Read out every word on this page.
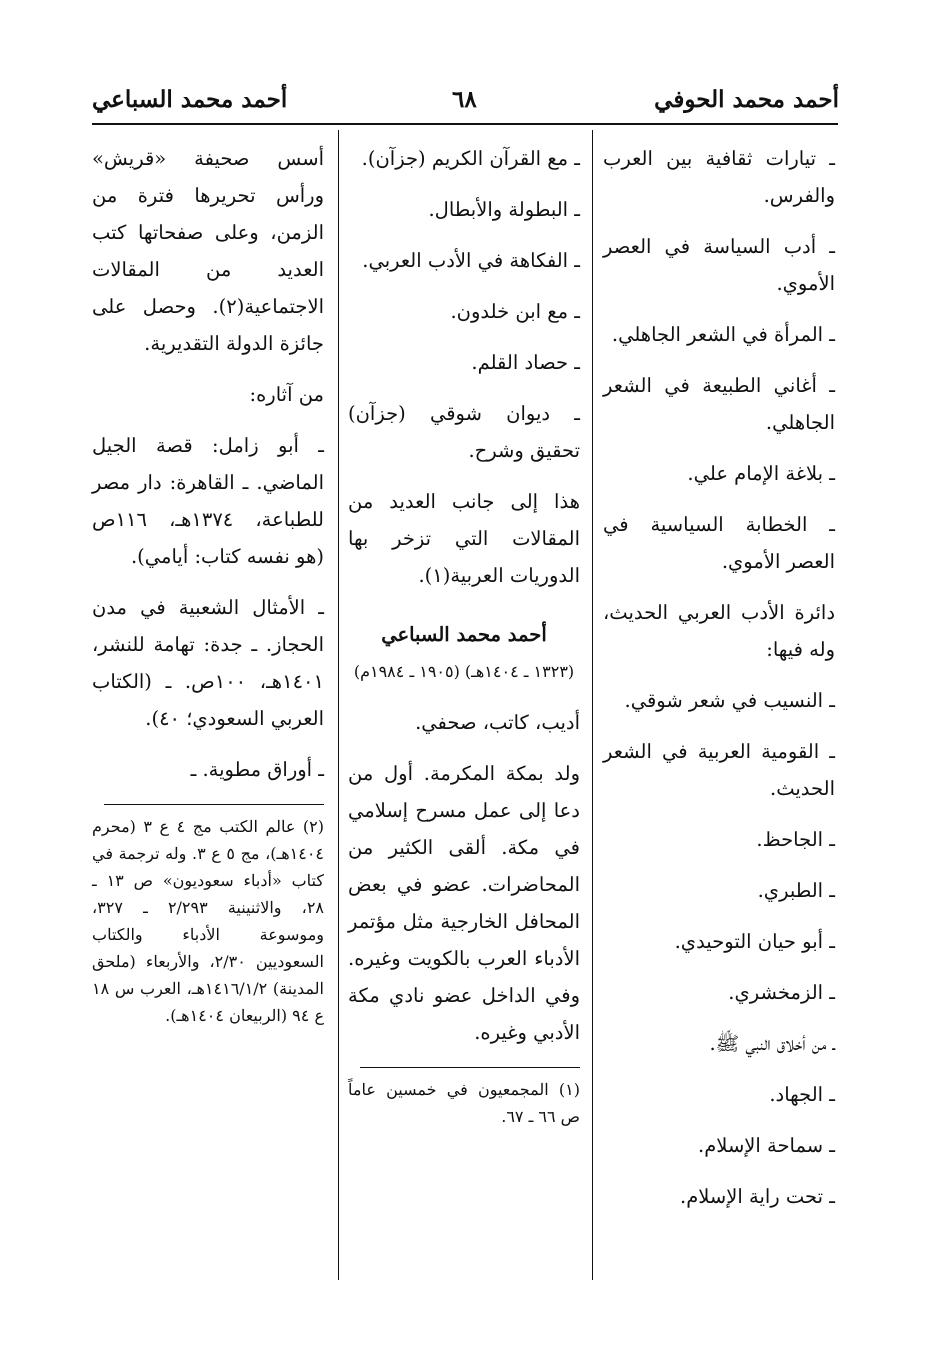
أحمد محمد الحوفي
٦٨
أحمد محمد السباعي

ـ تيارات ثقافية بين العرب والفرس.

ـ أدب السياسة في العصر الأموي.

ـ المرأة في الشعر الجاهلي.

ـ أغاني الطبيعة في الشعر الجاهلي.

ـ بلاغة الإمام علي.

ـ الخطابة السياسية في العصر الأموي.

دائرة الأدب العربي الحديث، وله فيها:

ـ النسيب في شعر شوقي.

ـ القومية العربية في الشعر الحديث.

ـ الجاحظ.

ـ الطبري.

ـ أبو حيان التوحيدي.

ـ الزمخشري.

ـ من أخلاق النبي ﷺ.

ـ الجهاد.

ـ سماحة الإسلام.

ـ تحت راية الإسلام.

ـ مع القرآن الكريم (جزآن).

ـ البطولة والأبطال.

ـ الفكاهة في الأدب العربي.

ـ مع ابن خلدون.

ـ حصاد القلم.

ـ ديوان شوقي (جزآن) تحقيق وشرح.

هذا إلى جانب العديد من المقالات التي تزخر بها الدوريات العربية(١).

أحمد محمد السباعي

(١٣٢٣ ـ ١٤٠٤هـ) (١٩٠٥ ـ ١٩٨٤م)

أديب، كاتب، صحفي.

ولد بمكة المكرمة. أول من دعا إلى عمل مسرح إسلامي في مكة. ألقى الكثير من المحاضرات. عضو في بعض المحافل الخارجية مثل مؤتمر الأدباء العرب بالكويت وغيره. وفي الداخل عضو نادي مكة الأدبي وغيره.

(١) المجمعيون في خمسين عاماً ص ٦٦ ـ ٦٧.

أسس صحيفة «قريش» ورأس تحريرها فترة من الزمن، وعلى صفحاتها كتب العديد من المقالات الاجتماعية(٢). وحصل على جائزة الدولة التقديرية.

من آثاره:

ـ أبو زامل: قصة الجيل الماضي. ـ القاهرة: دار مصر للطباعة، ١٣٧٤هـ، ١١٦ص (هو نفسه كتاب: أيامي).

ـ الأمثال الشعبية في مدن الحجاز. ـ جدة: تهامة للنشر، ١٤٠١هـ، ١٠٠ص. ـ (الكتاب العربي السعودي؛ ٤٠).

ـ أوراق مطوية. ـ

(٢) عالم الكتب مج ٤ ع ٣ (محرم ١٤٠٤هـ)، مج ٥ ع ٣. وله ترجمة في كتاب «أدباء سعوديون» ص ١٣ ـ ٢٨، والاثنينية ٢/٢٩٣ ـ ٣٢٧، وموسوعة الأدباء والكتاب السعوديين ٢/٣٠، والأربعاء (ملحق المدينة) ١٤١٦/١/٢هـ، العرب س ١٨ ع ٩٤ (الربيعان ١٤٠٤هـ).
